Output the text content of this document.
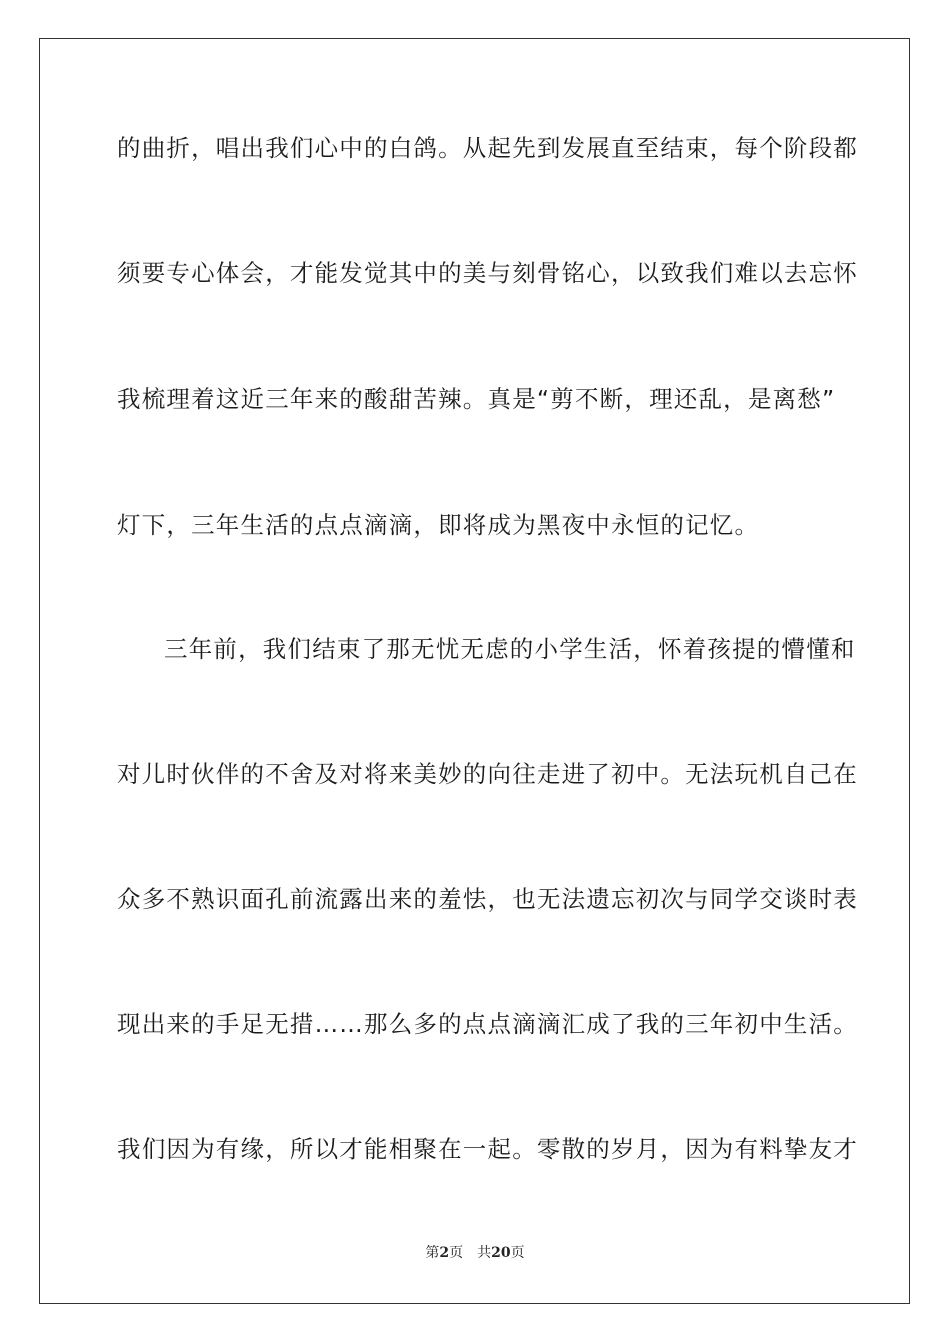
的曲折，唱出我们心中的白鸽。从起先到发展直至结束，每个阶段都
须要专心体会，才能发觉其中的美与刻骨铭心，以致我们难以去忘怀
我梳理着这近三年来的酸甜苦辣。真是“剪不断，理还乱，是离愁”
灯下，三年生活的点点滴滴，即将成为黑夜中永恒的记忆。
三年前，我们结束了那无忧无虑的小学生活，怀着孩提的懵懂和
对儿时伙伴的不舍及对将来美妙的向往走进了初中。无法玩机自己在
众多不熟识面孔前流露出来的羞怯，也无法遗忘初次与同学交谈时表
现出来的手足无措……那么多的点点滴滴汇成了我的三年初中生活。
我们因为有缘，所以才能相聚在一起。零散的岁月，因为有料挚友才
第2页 共20页
